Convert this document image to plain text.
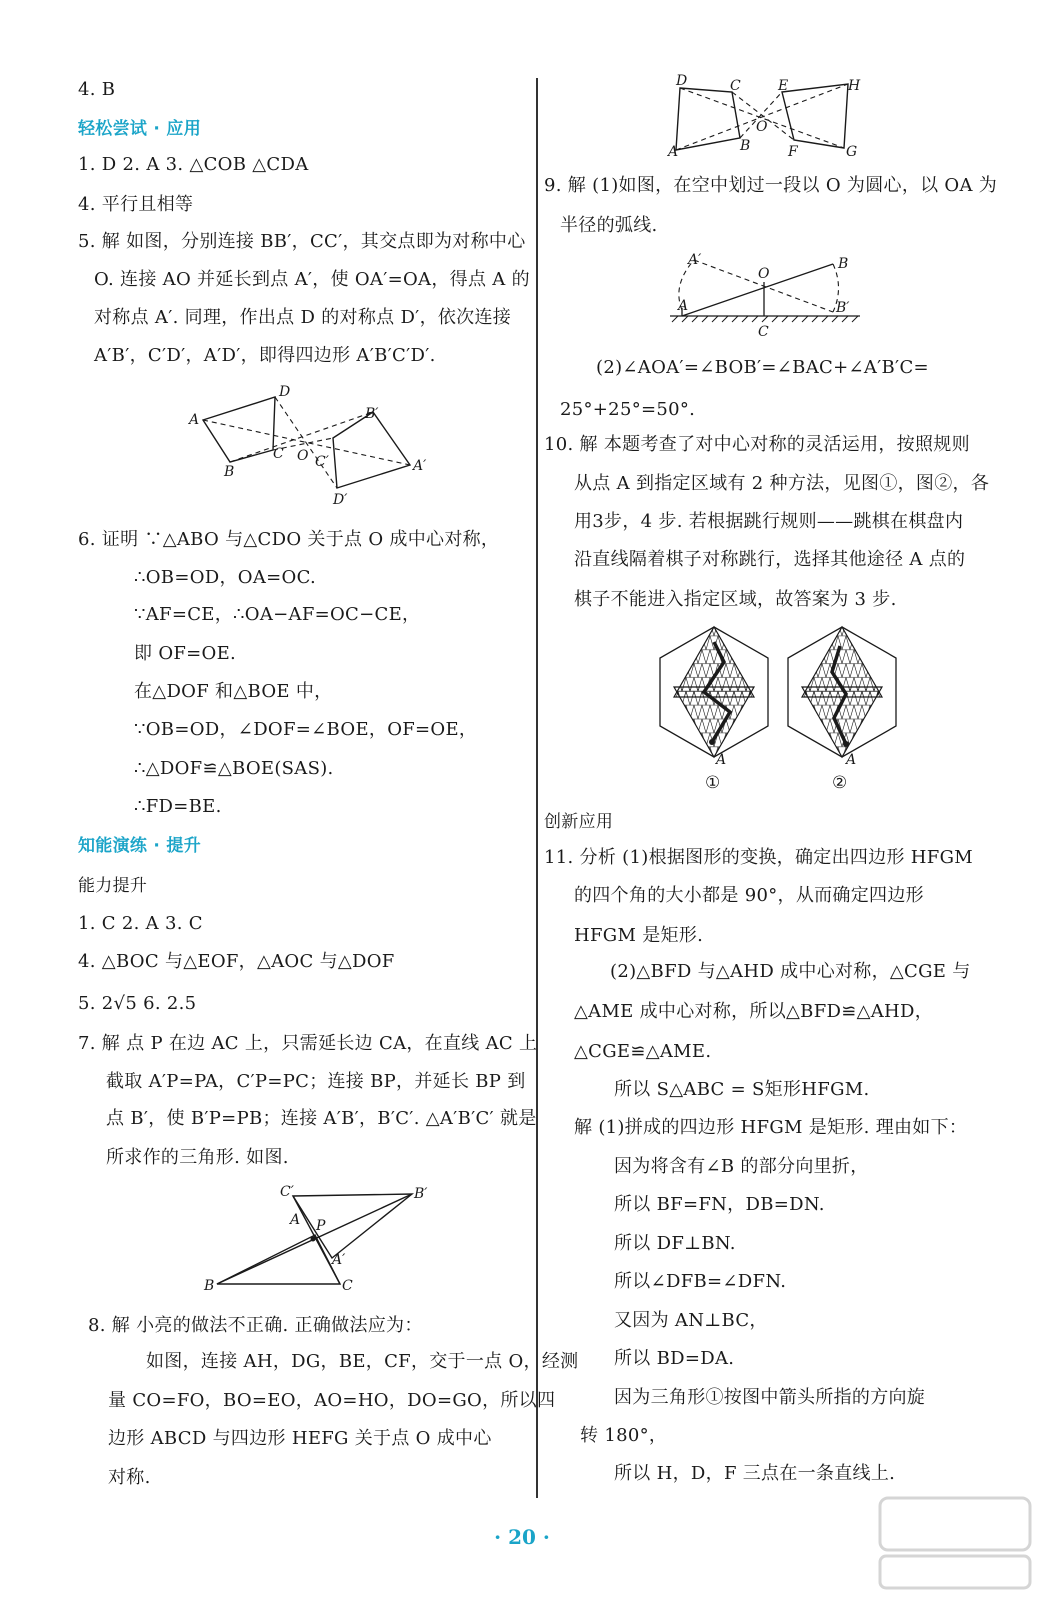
4. B
轻松尝试 · 应用
1. D 2. A 3. △COB △CDA
4. 平行且相等
5. 解 如图，分别连接 BB′，CC′，其交点即为对称中心
O. 连接 AO 并延长到点 A′，使 OA′=OA，得点 A 的
对称点 A′. 同理，作出点 D 的对称点 D′，依次连接
A′B′，C′D′，A′D′，即得四边形 A′B′C′D′.
6. 证明 ∵△ABO 与△CDO 关于点 O 成中心对称，
∴OB=OD，OA=OC.
∵AF=CE，∴OA−AF=OC−CE，
即 OF=OE.
在△DOF 和△BOE 中，
∵OB=OD，∠DOF=∠BOE，OF=OE，
∴△DOF≌△BOE(SAS).
∴FD=BE.
知能演练 · 提升
能力提升
1. C 2. A 3. C
4. △BOC 与△EOF，△AOC 与△DOF
5. 2√5 6. 2.5
7. 解 点 P 在边 AC 上，只需延长边 CA，在直线 AC 上
截取 A′P=PA，C′P=PC；连接 BP，并延长 BP 到
点 B′，使 B′P=PB；连接 A′B′，B′C′. △A′B′C′ 就是
所求作的三角形. 如图.
8. 解 小亮的做法不正确. 正确做法应为：
如图，连接 AH，DG，BE，CF，交于一点 O，经测
量 CO=FO，BO=EO，AO=HO，DO=GO，所以四
边形 ABCD 与四边形 HEFG 关于点 O 成中心
对称.
A
D
B
C O C′
B′
A′
D′
C′	B′
A P
A′
B	C
9. 解 (1)如图，在空中划过一段以 O 为圆心，以 OA 为
半径的弧线.
(2)∠AOA′=∠BOB′=∠BAC+∠A′B′C=
25°+25°=50°.
10. 解 本题考查了对中心对称的灵活运用，按照规则
从点 A 到指定区域有 2 种方法，见图①，图②，各
用3步，4 步. 若根据跳行规则——跳棋在棋盘内
沿直线隔着棋子对称跳行，选择其他途径 A 点的
棋子不能进入指定区域，故答案为 3 步.
创新应用
11. 分析 (1)根据图形的变换，确定出四边形 HFGM
的四个角的大小都是 90°，从而确定四边形
HFGM 是矩形.
(2)△BFD 与△AHD 成中心对称，△CGE 与
△AME 成中心对称，所以△BFD≌△AHD，
△CGE≌△AME.
所以 S△ABC = S矩形HFGM.
解 (1)拼成的四边形 HFGM 是矩形. 理由如下：
因为将含有∠B 的部分向里折，
所以 BF=FN，DB=DN.
所以 DF⊥BN.
所以∠DFB=∠DFN.
又因为 AN⊥BC，
所以 BD=DA.
因为三角形①按图中箭头所指的方向旋
转 180°，
所以 H，D，F 三点在一条直线上.
D	C	E	H
O
A	B	F	G
A′
A
O
B
B′
C
A	A
①	②
· 20 ·
